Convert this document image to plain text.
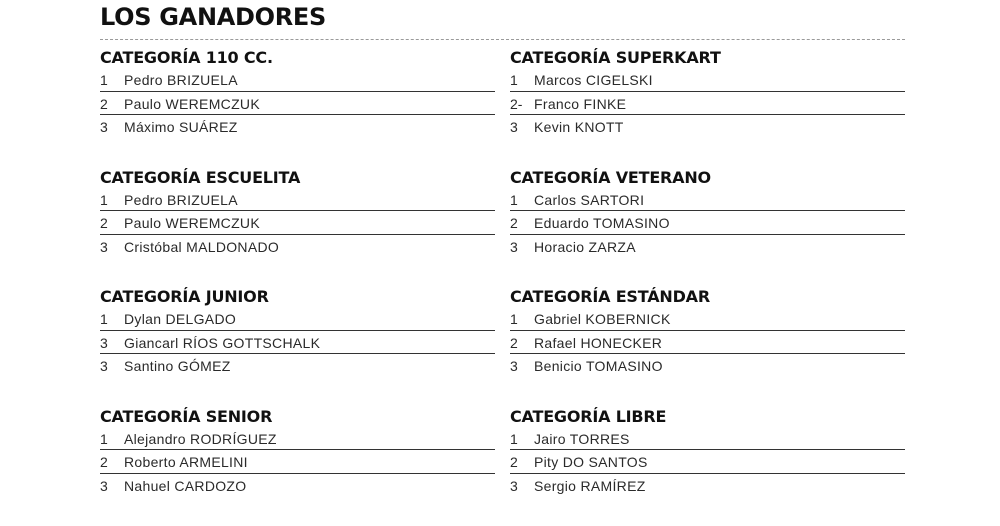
LOS GANADORES
CATEGORÍA 110 CC.
1 Pedro BRIZUELA
2 Paulo WEREMCZUK
3 Máximo SUÁREZ
CATEGORÍA ESCUELITA
1 Pedro BRIZUELA
2 Paulo WEREMCZUK
3 Cristóbal MALDONADO
CATEGORÍA JUNIOR
1 Dylan DELGADO
3 Giancarl RÍOS GOTTSCHALK
3 Santino GÓMEZ
CATEGORÍA SENIOR
1 Alejandro RODRÍGUEZ
2 Roberto ARMELINI
3 Nahuel CARDOZO
CATEGORÍA SUPERKART
1 Marcos CIGELSKI
2- Franco FINKE
3 Kevin KNOTT
CATEGORÍA VETERANO
1 Carlos SARTORI
2 Eduardo TOMASINO
3 Horacio ZARZA
CATEGORÍA ESTÁNDAR
1 Gabriel KOBERNICK
2 Rafael HONECKER
3 Benicio TOMASINO
CATEGORÍA LIBRE
1 Jairo TORRES
2 Pity DO SANTOS
3 Sergio RAMÍREZ
